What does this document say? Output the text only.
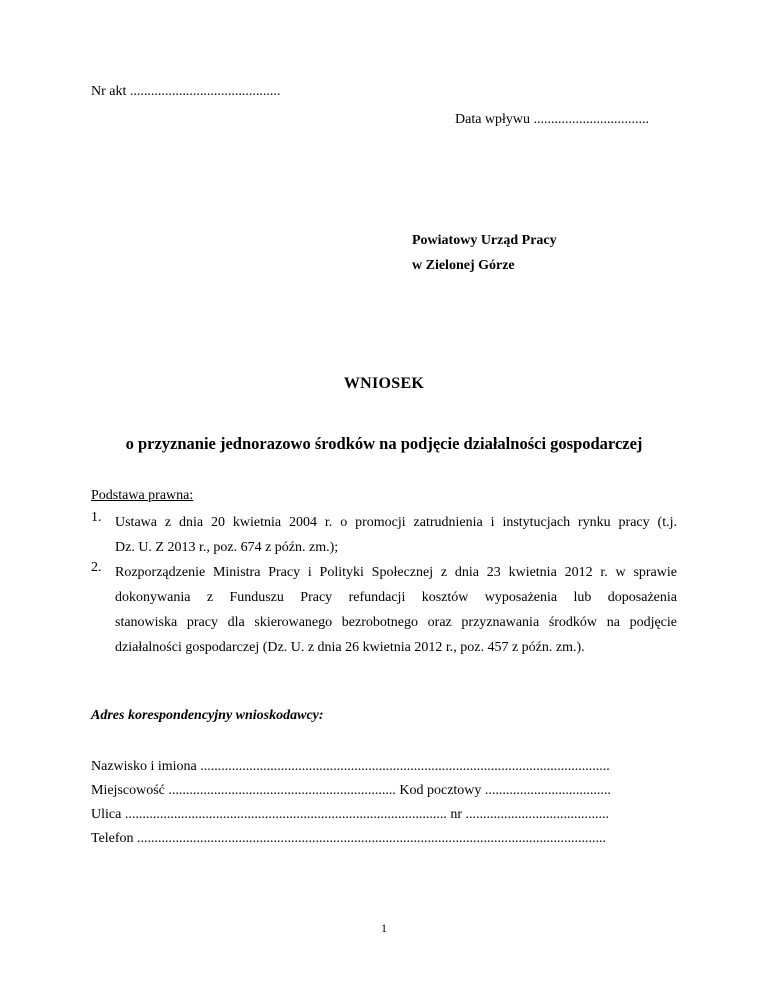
Nr akt ...........................................
Data wpływu .................................
Powiatowy Urząd Pracy
w Zielonej Górze
WNIOSEK
o przyznanie jednorazowo środków na podjęcie działalności gospodarczej
Podstawa prawna:
1. Ustawa z dnia 20 kwietnia 2004 r. o promocji zatrudnienia i instytucjach rynku pracy (t.j.
Dz. U. Z 2013 r., poz. 674 z późn. zm.);
2. Rozporządzenie Ministra Pracy i Polityki Społecznej z dnia 23 kwietnia 2012 r. w sprawie
dokonywania z Funduszu Pracy refundacji kosztów wyposażenia lub doposażenia
stanowiska pracy dla skierowanego bezrobotnego oraz przyznawania środków na podjęcie
działalności gospodarczej (Dz. U. z dnia 26 kwietnia 2012 r., poz. 457 z późn. zm.).
Adres korespondencyjny wnioskodawcy:
Nazwisko i imiona .....................................................................................................................
Miejscowość ................................................................. Kod pocztowy ....................................
Ulica ............................................................................................ nr .........................................
Telefon ......................................................................................................................................
1
